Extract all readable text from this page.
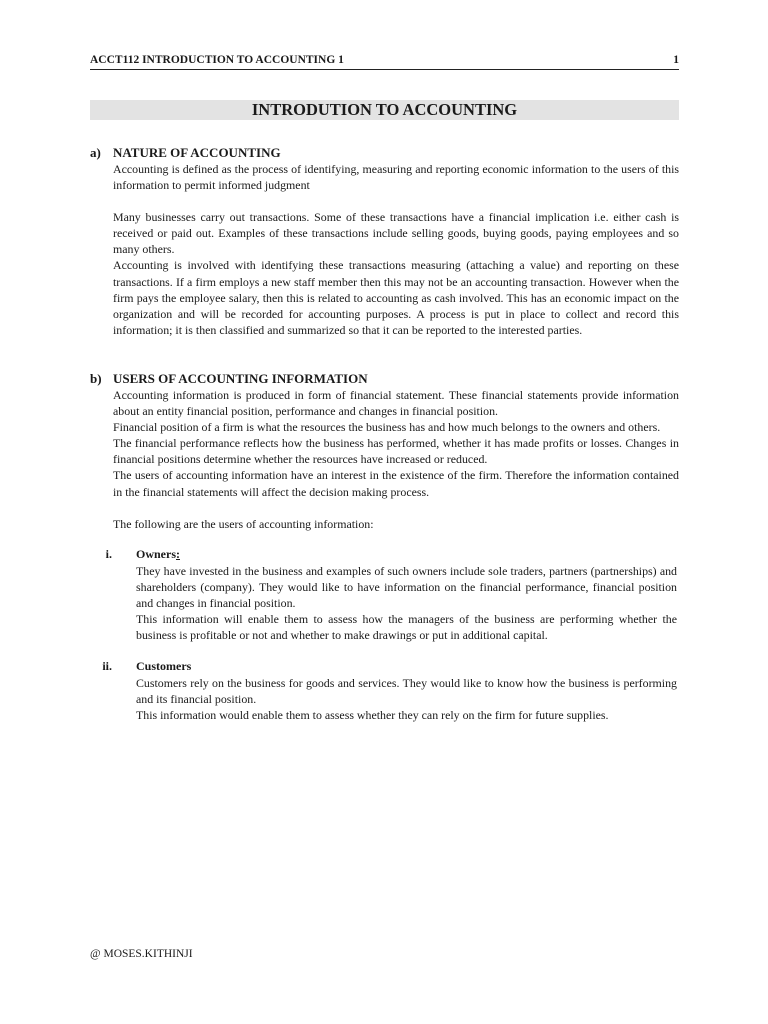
ACCT112 INTRODUCTION TO ACCOUNTING 1	1
INTRODUTION TO ACCOUNTING
a) NATURE OF ACCOUNTING

Accounting is defined as the process of identifying, measuring and reporting economic information to the users of this information to permit informed judgment

Many businesses carry out transactions. Some of these transactions have a financial implication i.e. either cash is received or paid out. Examples of these transactions include selling goods, buying goods, paying employees and so many others.

Accounting is involved with identifying these transactions measuring (attaching a value) and reporting on these transactions. If a firm employs a new staff member then this may not be an accounting transaction. However when the firm pays the employee salary, then this is related to accounting as cash involved. This has an economic impact on the organization and will be recorded for accounting purposes. A process is put in place to collect and record this information; it is then classified and summarized so that it can be reported to the interested parties.

b) USERS OF ACCOUNTING INFORMATION

Accounting information is produced in form of financial statement. These financial statements provide information about an entity financial position, performance and changes in financial position.

Financial position of a firm is what the resources the business has and how much belongs to the owners and others.

The financial performance reflects how the business has performed, whether it has made profits or losses. Changes in financial positions determine whether the resources have increased or reduced.

The users of accounting information have an interest in the existence of the firm. Therefore the information contained in the financial statements will affect the decision making process.

The following are the users of accounting information:

i. Owners:

They have invested in the business and examples of such owners include sole traders, partners (partnerships) and shareholders (company). They would like to have information on the financial performance, financial position and changes in financial position.

This information will enable them to assess how the managers of the business are performing whether the business is profitable or not and whether to make drawings or put in additional capital.

ii. Customers

Customers rely on the business for goods and services. They would like to know how the business is performing and its financial position.

This information would enable them to assess whether they can rely on the firm for future supplies.

@ MOSES.KITHINJI
